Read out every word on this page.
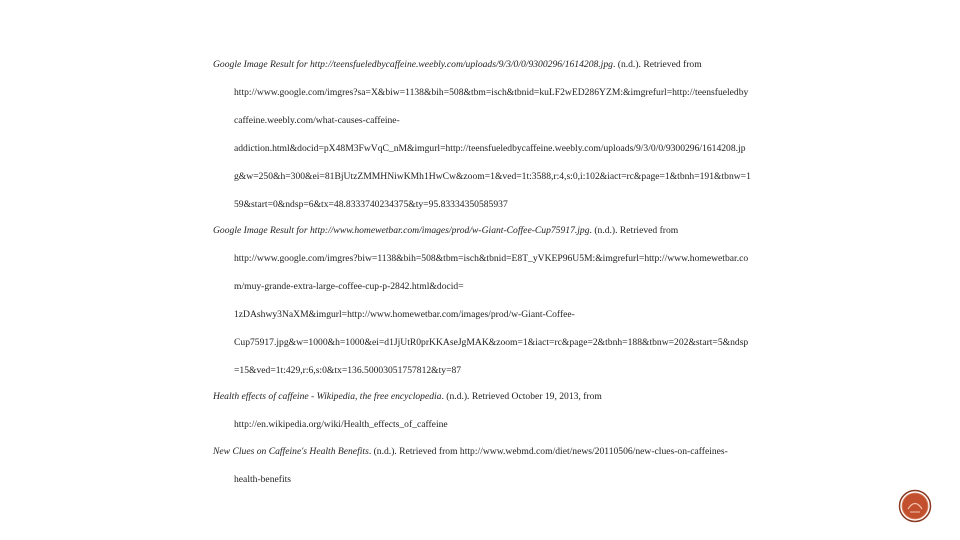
Google Image Result for http://teensfueledbycaffeine.weebly.com/uploads/9/3/0/0/9300296/1614208.jpg. (n.d.). Retrieved from
http://www.google.com/imgres?sa=X&biw=1138&bih=508&tbm=isch&tbnid=kuLF2wED286YZM:&imgrefurl=http://teensfueledby
caffeine.weebly.com/what-causes-caffeine-
addiction.html&docid=pX48M3FwVqC_nM&imgurl=http://teensfueledbycaffeine.weebly.com/uploads/9/3/0/0/9300296/1614208.jp
g&w=250&h=300&ei=81BjUtzZMMHNiwKMh1HwCw&zoom=1&ved=1t:3588,r:4,s:0,i:102&iact=rc&page=1&tbnh=191&tbnw=1
59&start=0&ndsp=6&tx=48.8333740234375&ty=95.83334350585937
Google Image Result for http://www.homewetbar.com/images/prod/w-Giant-Coffee-Cup75917.jpg. (n.d.). Retrieved from
http://www.google.com/imgres?biw=1138&bih=508&tbm=isch&tbnid=E8T_yVKEP96U5M:&imgrefurl=http://www.homewetbar.co
m/muy-grande-extra-large-coffee-cup-p-2842.html&docid=
1zDAshwy3NaXM&imgurl=http://www.homewetbar.com/images/prod/w-Giant-Coffee-
Cup75917.jpg&w=1000&h=1000&ei=d1JjUtR0prKKAseJgMAK&zoom=1&iact=rc&page=2&tbnh=188&tbnw=202&start=5&ndsp
=15&ved=1t:429,r:6,s:0&tx=136.50003051757812&ty=87
Health effects of caffeine - Wikipedia, the free encyclopedia. (n.d.). Retrieved October 19, 2013, from
http://en.wikipedia.org/wiki/Health_effects_of_caffeine
New Clues on Caffeine's Health Benefits. (n.d.). Retrieved from http://www.webmd.com/diet/news/20110506/new-clues-on-caffeines-
health-benefits
